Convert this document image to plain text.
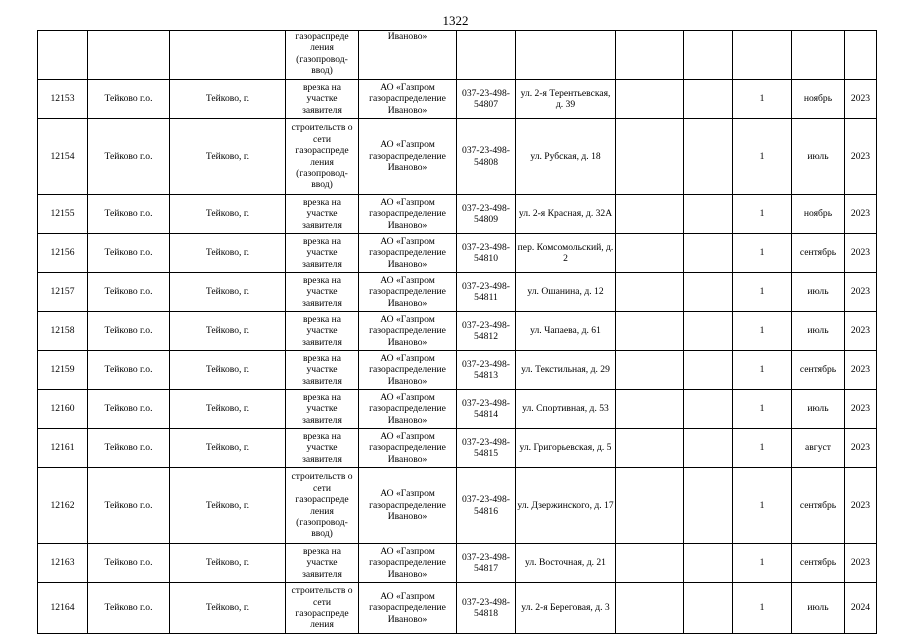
1322
			газораспреде ления (газопровод- ввод)	Иваново»							
12153	Тейково г.о.	Тейково, г.	врезка на участке заявителя	АО «Газпром газораспределение Иваново»	037-23-498-54807	ул. 2-я Терентьевская, д. 39			1	ноябрь	2023
12154	Тейково г.о.	Тейково, г.	строительств о сети газораспреде ления (газопровод- ввод)	АО «Газпром газораспределение Иваново»	037-23-498-54808	ул. Рубская, д. 18			1	июль	2023
12155	Тейково г.о.	Тейково, г.	врезка на участке заявителя	АО «Газпром газораспределение Иваново»	037-23-498-54809	ул. 2-я Красная, д. 32А			1	ноябрь	2023
12156	Тейково г.о.	Тейково, г.	врезка на участке заявителя	АО «Газпром газораспределение Иваново»	037-23-498-54810	пер. Комсомольский, д. 2			1	сентябрь	2023
12157	Тейково г.о.	Тейково, г.	врезка на участке заявителя	АО «Газпром газораспределение Иваново»	037-23-498-54811	ул. Ошанина, д. 12			1	июль	2023
12158	Тейково г.о.	Тейково, г.	врезка на участке заявителя	АО «Газпром газораспределение Иваново»	037-23-498-54812	ул. Чапаева, д. 61			1	июль	2023
12159	Тейково г.о.	Тейково, г.	врезка на участке заявителя	АО «Газпром газораспределение Иваново»	037-23-498-54813	ул. Текстильная, д. 29			1	сентябрь	2023
12160	Тейково г.о.	Тейково, г.	врезка на участке заявителя	АО «Газпром газораспределение Иваново»	037-23-498-54814	ул. Спортивная, д. 53			1	июль	2023
12161	Тейково г.о.	Тейково, г.	врезка на участке заявителя	АО «Газпром газораспределение Иваново»	037-23-498-54815	ул. Григорьевская, д. 5			1	август	2023
12162	Тейково г.о.	Тейково, г.	строительств о сети газораспреде ления (газопровод- ввод)	АО «Газпром газораспределение Иваново»	037-23-498-54816	ул. Дзержинского, д. 17			1	сентябрь	2023
12163	Тейково г.о.	Тейково, г.	врезка на участке заявителя	АО «Газпром газораспределение Иваново»	037-23-498-54817	ул. Восточная, д. 21			1	сентябрь	2023
12164	Тейково г.о.	Тейково, г.	строительств о сети газораспреде ления	АО «Газпром газораспределение Иваново»	037-23-498-54818	ул. 2-я Береговая, д. 3			1	июль	2024
